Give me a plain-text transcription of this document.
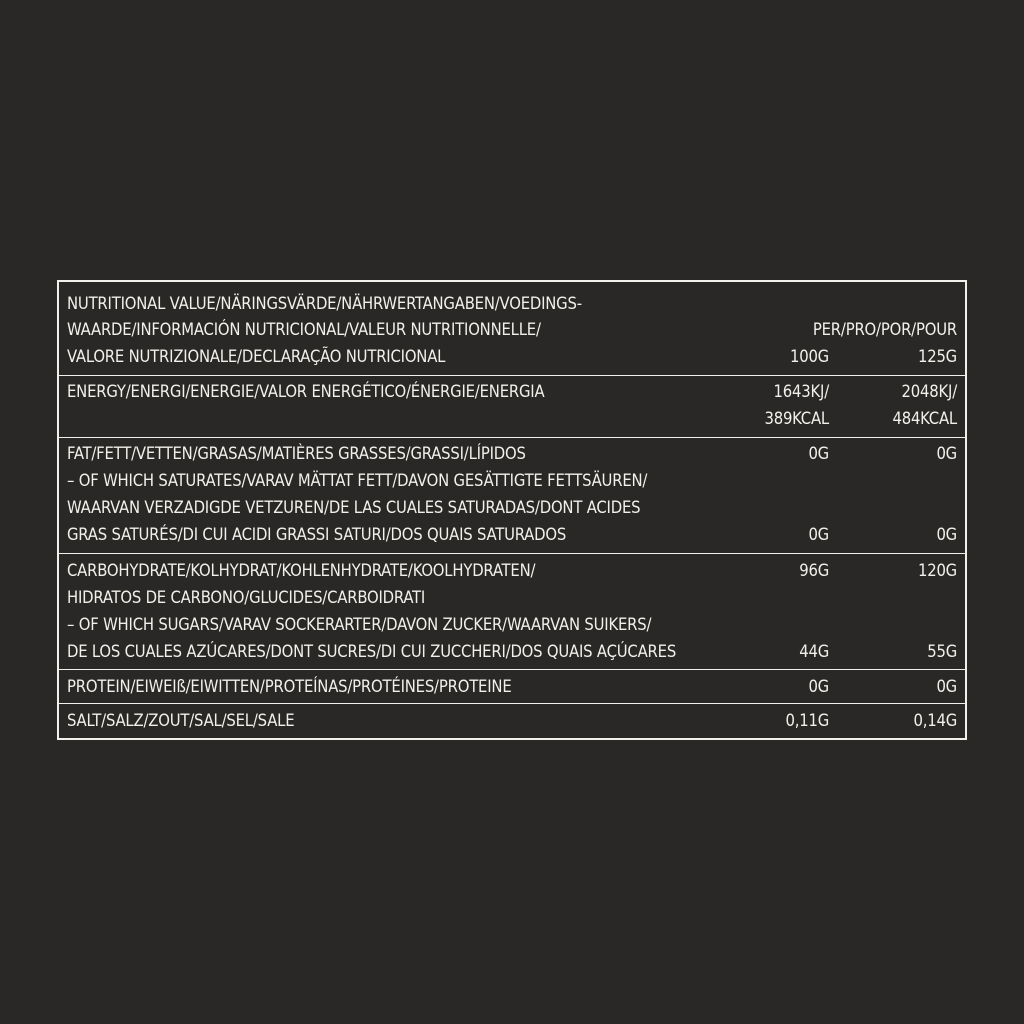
NUTRITIONAL VALUE/NÄRINGSVÄRDE/NÄHRWERTANGABEN/VOEDINGS-
WAARDE/INFORMACIÓN NUTRICIONAL/VALEUR NUTRITIONNELLE/
VALORE NUTRIZIONALE/DECLARAÇÃO NUTRICIONAL
PER/PRO/POR/POUR
100G	125G
ENERGY/ENERGI/ENERGIE/VALOR ENERGÉTICO/ÉNERGIE/ENERGIA	1643KJ/	2048KJ/
389KCAL	484KCAL
FAT/FETT/VETTEN/GRASAS/MATIÈRES GRASSES/GRASSI/LÍPIDOS	0G	0G
– OF WHICH SATURATES/VARAV MÄTTAT FETT/DAVON GESÄTTIGTE FETTSÄUREN/
WAARVAN VERZADIGDE VETZUREN/DE LAS CUALES SATURADAS/DONT ACIDES
GRAS SATURÉS/DI CUI ACIDI GRASSI SATURI/DOS QUAIS SATURADOS	0G	0G
CARBOHYDRATE/KOLHYDRAT/KOHLENHYDRATE/KOOLHYDRATEN/	96G	120G
HIDRATOS DE CARBONO/GLUCIDES/CARBOIDRATI
– OF WHICH SUGARS/VARAV SOCKERARTER/DAVON ZUCKER/WAARVAN SUIKERS/
DE LOS CUALES AZÚCARES/DONT SUCRES/DI CUI ZUCCHERI/DOS QUAIS AÇÚCARES	44G	55G
PROTEIN/EIWEIß/EIWITTEN/PROTEÍNAS/PROTÉINES/PROTEINE	0G	0G
SALT/SALZ/ZOUT/SAL/SEL/SALE	0,11G	0,14G
